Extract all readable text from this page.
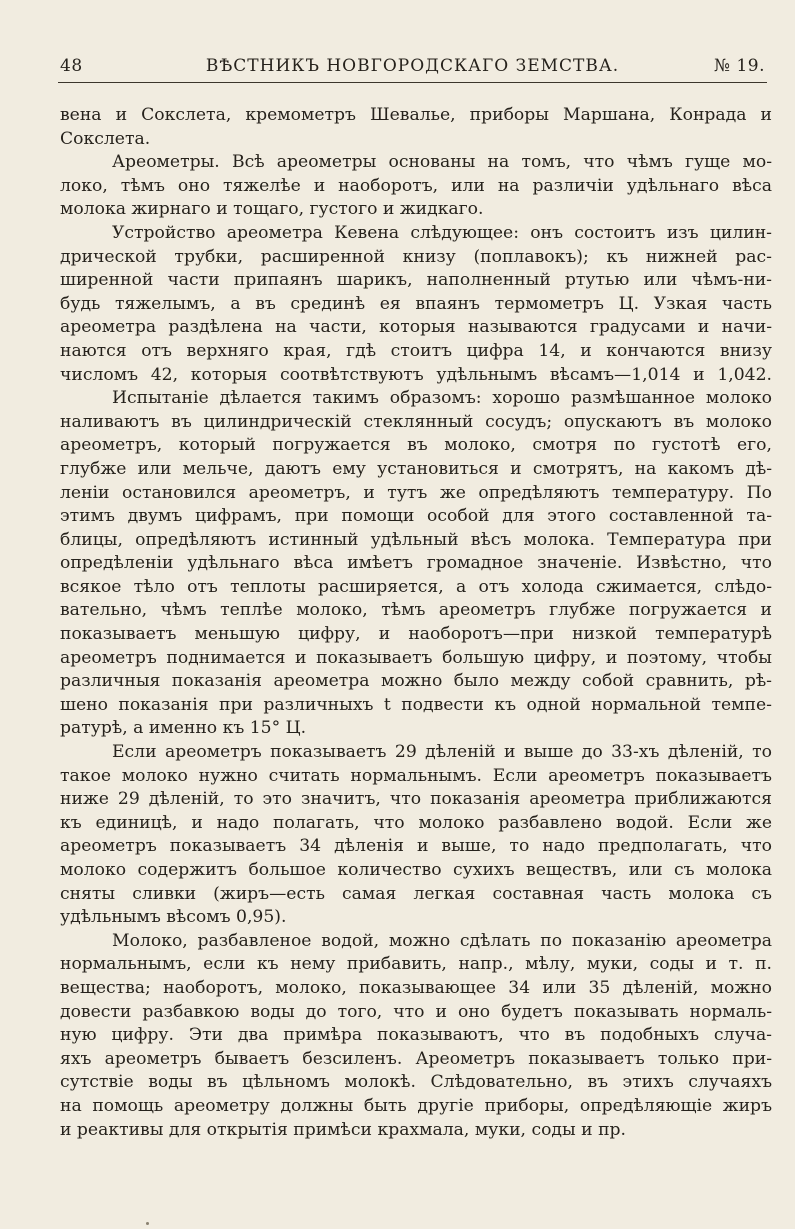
48	ВѢСТНИКЪ НОВГОРОДСКАГО ЗЕМСТВА.	№ 19.
вена и Сокслета, кремометръ Шевалье, приборы Маршана, Конрада и
Сокслета.
Ареометры. Всѣ ареометры основаны на томъ, что чѣмъ гуще мо-
локо, тѣмъ оно тяжелѣе и наоборотъ, или на различіи удѣльнаго вѣса
молока жирнаго и тощаго, густого и жидкаго.
Устройство ареометра Кевена слѣдующее: онъ состоитъ изъ цилин-
дрической трубки, расширенной книзу (поплавокъ); къ нижней рас-
ширенной части припаянъ шарикъ, наполненный ртутью или чѣмъ-ни-
будь тяжелымъ, а въ срединѣ ея впаянъ термометръ Ц. Узкая часть
ареометра раздѣлена на части, которыя называются градусами и начи-
наются отъ верхняго края, гдѣ стоитъ цифра 14, и кончаются внизу
числомъ 42, которыя соотвѣтствуютъ удѣльнымъ вѣсамъ—1,014 и 1,042.
Испытаніе дѣлается такимъ образомъ: хорошо размѣшанное молоко
наливаютъ въ цилиндрическій стеклянный сосудъ; опускаютъ въ молоко
ареометръ, который погружается въ молоко, смотря по густотѣ его,
глубже или мельче, даютъ ему установиться и смотрятъ, на какомъ дѣ-
леніи остановился ареометръ, и тутъ же опредѣляютъ температуру. По
этимъ двумъ цифрамъ, при помощи особой для этого составленной та-
блицы, опредѣляютъ истинный удѣльный вѣсъ молока. Температура при
опредѣленіи удѣльнаго вѣса имѣетъ громадное значеніе. Извѣстно, что
всякое тѣло отъ теплоты расширяется, а отъ холода сжимается, слѣдо-
вательно, чѣмъ теплѣе молоко, тѣмъ ареометръ глубже погружается и
показываетъ меньшую цифру, и наоборотъ—при низкой температурѣ
ареометръ поднимается и показываетъ большую цифру, и поэтому, чтобы
различныя показанія ареометра можно было между собой сравнить, рѣ-
шено показанія при различныхъ t подвести къ одной нормальной темпе-
ратурѣ, а именно къ 15° Ц.
Если ареометръ показываетъ 29 дѣленій и выше до 33-хъ дѣленій, то
такое молоко нужно считать нормальнымъ. Если ареометръ показываетъ
ниже 29 дѣленій, то это значитъ, что показанія ареометра приближаются
къ единицѣ, и надо полагать, что молоко разбавлено водой. Если же
ареометръ показываетъ 34 дѣленія и выше, то надо предполагать, что
молоко содержитъ большое количество сухихъ веществъ, или съ молока
сняты сливки (жиръ—есть самая легкая составная часть молока съ
удѣльнымъ вѣсомъ 0,95).
Молоко, разбавленое водой, можно сдѣлать по показанію ареометра
нормальнымъ, если къ нему прибавить, напр., мѣлу, муки, соды и т. п.
вещества; наоборотъ, молоко, показывающее 34 или 35 дѣленій, можно
довести разбавкою воды до того, что и оно будетъ показывать нормаль-
ную цифру. Эти два примѣра показываютъ, что въ подобныхъ случа-
яхъ ареометръ бываетъ безсиленъ. Ареометръ показываетъ только при-
сутствіе воды въ цѣльномъ молокѣ. Слѣдовательно, въ этихъ случаяхъ
на помощь ареометру должны быть другіе приборы, опредѣляющіе жиръ
и реактивы для открытія примѣси крахмала, муки, соды и пр.
